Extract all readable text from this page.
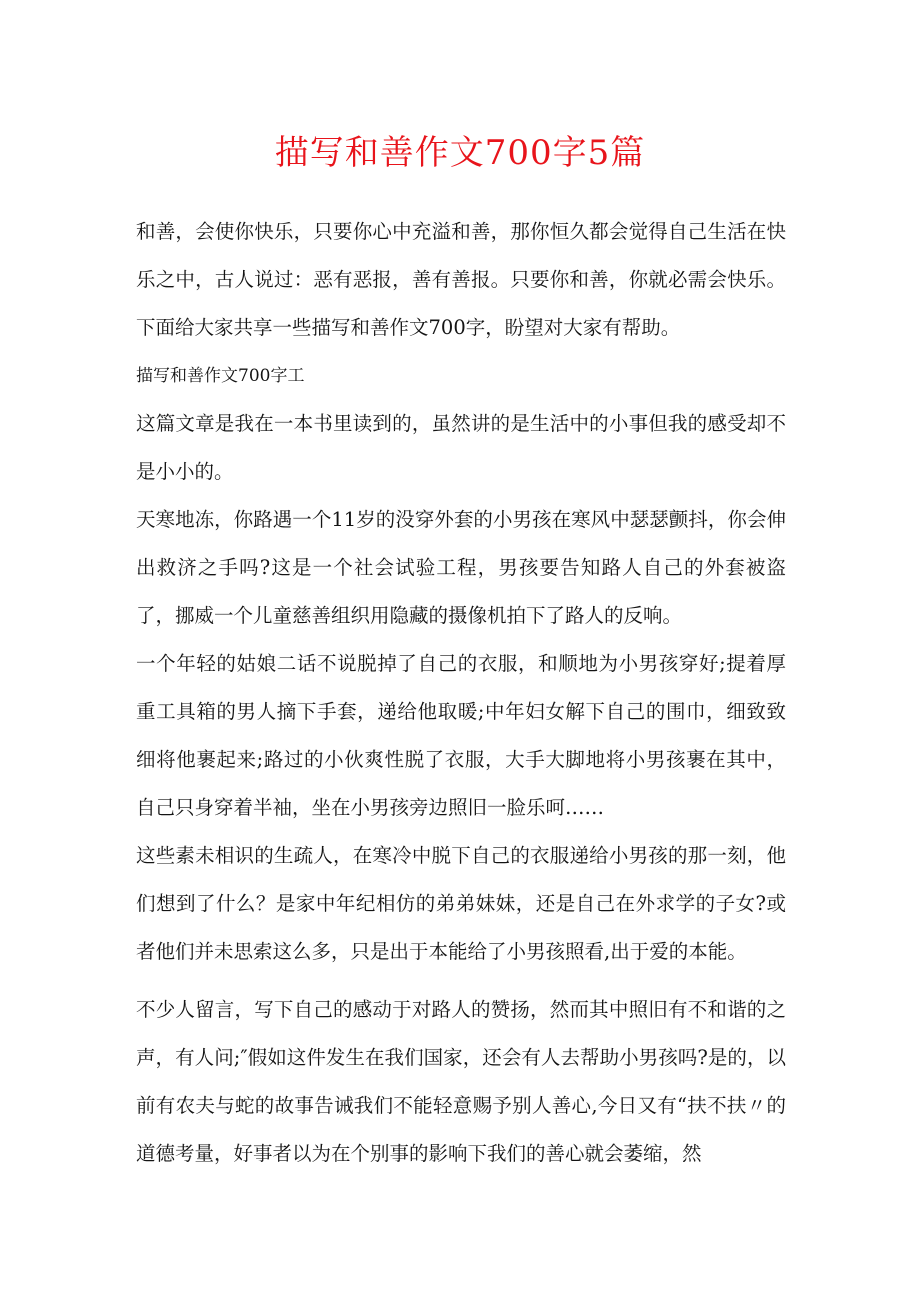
描写和善作文700字5篇

和善，会使你快乐，只要你心中充溢和善，那你恒久都会觉得自己生活在快乐之中，古人说过：恶有恶报，善有善报。只要你和善，你就必需会快乐。下面给大家共享一些描写和善作文700字，盼望对大家有帮助。

描写和善作文700字工

这篇文章是我在一本书里读到的，虽然讲的是生活中的小事但我的感受却不是小小的。

天寒地冻，你路遇一个11岁的没穿外套的小男孩在寒风中瑟瑟颤抖，你会伸出救济之手吗?这是一个社会试验工程，男孩要告知路人自己的外套被盗了，挪威一个儿童慈善组织用隐藏的摄像机拍下了路人的反响。

一个年轻的姑娘二话不说脱掉了自己的衣服，和顺地为小男孩穿好;提着厚重工具箱的男人摘下手套，递给他取暖;中年妇女解下自己的围巾，细致致细将他裹起来;路过的小伙爽性脱了衣服，大手大脚地将小男孩裹在其中，自己只身穿着半袖，坐在小男孩旁边照旧一脸乐呵……

这些素未相识的生疏人，在寒冷中脱下自己的衣服递给小男孩的那一刻，他们想到了什么？是家中年纪相仿的弟弟妹妹，还是自己在外求学的子女?或者他们并未思索这么多，只是出于本能给了小男孩照看,出于爱的本能。

不少人留言，写下自己的感动于对路人的赞扬，然而其中照旧有不和谐的之声，有人问;″假如这件发生在我们国家，还会有人去帮助小男孩吗?是的，以前有农夫与蛇的故事告诫我们不能轻意赐予别人善心,今日又有“扶不扶〃的道德考量，好事者以为在个别事的影响下我们的善心就会萎缩，然
